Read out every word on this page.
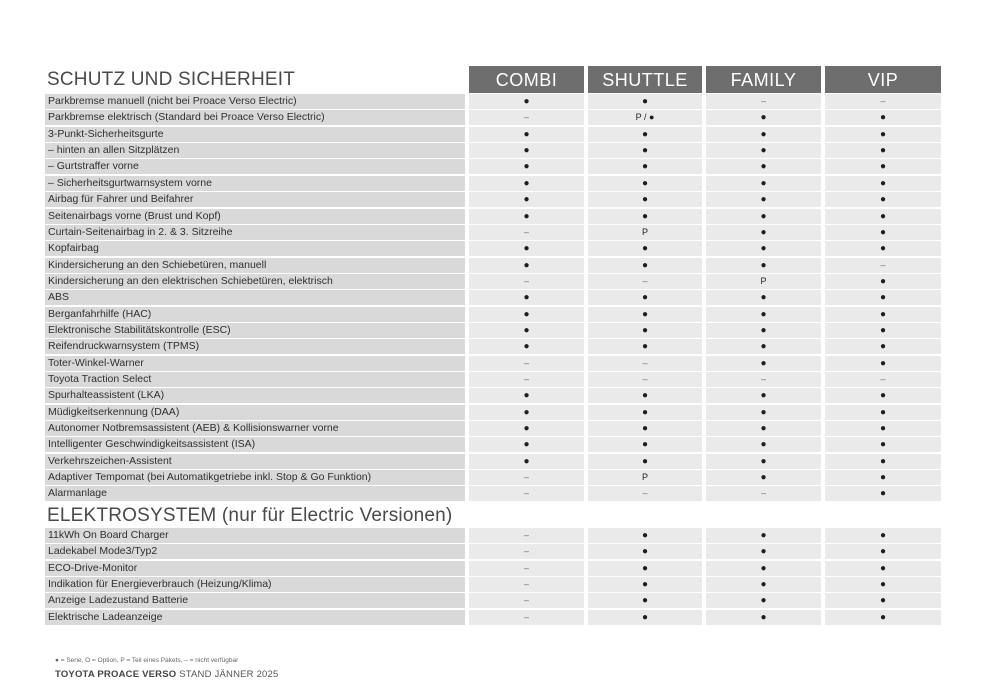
SCHUTZ UND SICHERHEIT
ELEKTROSYSTEM (nur für Electric Versionen)
COMBI	SHUTTLE	FAMILY	VIP
Parkbremse manuell (nicht bei Proace Verso Electric)	●	●	–	–
Parkbremse elektrisch (Standard bei Proace Verso Electric)	–	P / ●	●	●
3-Punkt-Sicherheitsgurte	●	●	●	●
– hinten an allen Sitzplätzen	●	●	●	●
– Gurtstraffer vorne	●	●	●	●
– Sicherheitsgurtwarnsystem vorne	●	●	●	●
Airbag für Fahrer und Beifahrer	●	●	●	●
Seitenairbags vorne (Brust und Kopf)	●	●	●	●
Curtain-Seitenairbag in 2. & 3. Sitzreihe	–	P	●	●
Kopfairbag	●	●	●	●
Kindersicherung an den Schiebetüren, manuell	●	●	●	–
Kindersicherung an den elektrischen Schiebetüren, elektrisch	–	–	P	●
ABS	●	●	●	●
Berganfahrhilfe (HAC)	●	●	●	●
Elektronische Stabilitätskontrolle (ESC)	●	●	●	●
Reifendruckwarnsystem (TPMS)	●	●	●	●
Toter-Winkel-Warner	–	–	●	●
Toyota Traction Select	–	–	–	–
Spurhalteassistent (LKA)	●	●	●	●
Müdigkeitserkennung (DAA)	●	●	●	●
Autonomer Notbremsassistent (AEB) & Kollisionswarner vorne	●	●	●	●
Intelligenter Geschwindigkeitsassistent (ISA)	●	●	●	●
Verkehrszeichen-Assistent	●	●	●	●
Adaptiver Tempomat (bei Automatikgetriebe inkl. Stop & Go Funktion)	–	P	●	●
Alarmanlage	–	–	–	●
11kWh On Board Charger	–	●	●	●
Ladekabel Mode3/Typ2	–	●	●	●
ECO-Drive-Monitor	–	●	●	●
Indikation für Energieverbrauch (Heizung/Klima)	–	●	●	●
Anzeige Ladezustand Batterie	–	●	●	●
Elektrische Ladeanzeige	–	●	●	●
● = Serie, O = Option, P = Teil eines Pakets, – = nicht verfügbar
TOYOTA PROACE VERSO STAND JÄNNER 2025
